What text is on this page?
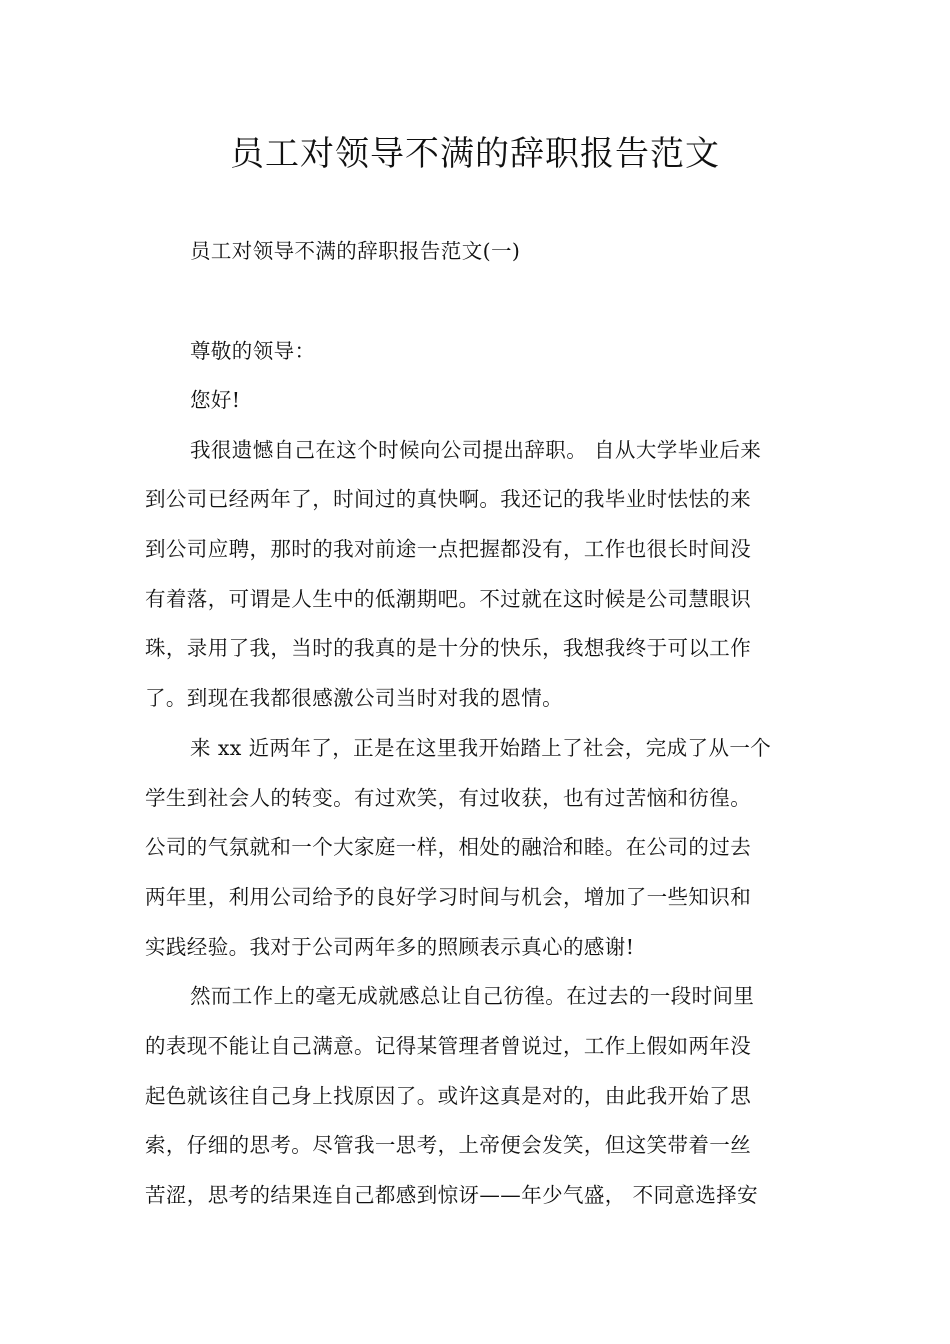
员工对领导不满的辞职报告范文

员工对领导不满的辞职报告范文(一)

尊敬的领导：

您好!

我很遗憾自己在这个时候向公司提出辞职。 自从大学毕业后来

到公司已经两年了，时间过的真快啊。我还记的我毕业时怯怯的来

到公司应聘，那时的我对前途一点把握都没有，工作也很长时间没

有着落，可谓是人生中的低潮期吧。不过就在这时候是公司慧眼识

珠，录用了我，当时的我真的是十分的快乐，我想我终于可以工作

了。到现在我都很感激公司当时对我的恩情。

来 xx 近两年了，正是在这里我开始踏上了社会，完成了从一个

学生到社会人的转变。有过欢笑，有过收获，也有过苦恼和彷徨。

公司的气氛就和一个大家庭一样，相处的融洽和睦。在公司的过去

两年里，利用公司给予的良好学习时间与机会，增加了一些知识和

实践经验。我对于公司两年多的照顾表示真心的感谢!

然而工作上的毫无成就感总让自己彷徨。在过去的一段时间里

的表现不能让自己满意。记得某管理者曾说过，工作上假如两年没

起色就该往自己身上找原因了。或许这真是对的，由此我开始了思

索，仔细的思考。尽管我一思考，上帝便会发笑，但这笑带着一丝

苦涩，思考的结果连自己都感到惊讶——年少气盛， 不同意选择安
